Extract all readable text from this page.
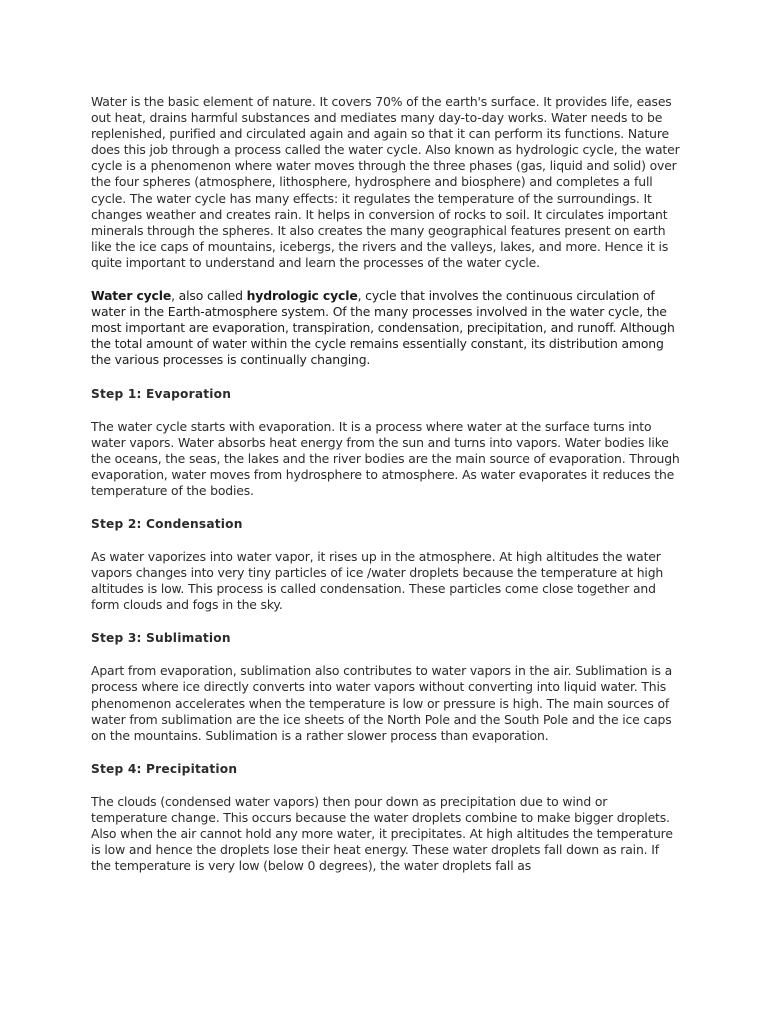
Water is the basic element of nature. It covers 70% of the earth's surface. It provides life, eases out heat, drains harmful substances and mediates many day-to-day works. Water needs to be replenished, purified and circulated again and again so that it can perform its functions. Nature does this job through a process called the water cycle. Also known as hydrologic cycle, the water cycle is a phenomenon where water moves through the three phases (gas, liquid and solid) over the four spheres (atmosphere, lithosphere, hydrosphere and biosphere) and completes a full cycle. The water cycle has many effects: it regulates the temperature of the surroundings. It changes weather and creates rain. It helps in conversion of rocks to soil. It circulates important minerals through the spheres. It also creates the many geographical features present on earth like the ice caps of mountains, icebergs, the rivers and the valleys, lakes, and more. Hence it is quite important to understand and learn the processes of the water cycle.

Water cycle, also called hydrologic cycle, cycle that involves the continuous circulation of water in the Earth-atmosphere system. Of the many processes involved in the water cycle, the most important are evaporation, transpiration, condensation, precipitation, and runoff. Although the total amount of water within the cycle remains essentially constant, its distribution among the various processes is continually changing.

Step 1: Evaporation

The water cycle starts with evaporation. It is a process where water at the surface turns into water vapors. Water absorbs heat energy from the sun and turns into vapors. Water bodies like the oceans, the seas, the lakes and the river bodies are the main source of evaporation. Through evaporation, water moves from hydrosphere to atmosphere. As water evaporates it reduces the temperature of the bodies.

Step 2: Condensation

As water vaporizes into water vapor, it rises up in the atmosphere. At high altitudes the water vapors changes into very tiny particles of ice /water droplets because the temperature at high altitudes is low. This process is called condensation. These particles come close together and form clouds and fogs in the sky.

Step 3: Sublimation

Apart from evaporation, sublimation also contributes to water vapors in the air. Sublimation is a process where ice directly converts into water vapors without converting into liquid water. This phenomenon accelerates when the temperature is low or pressure is high. The main sources of water from sublimation are the ice sheets of the North Pole and the South Pole and the ice caps on the mountains. Sublimation is a rather slower process than evaporation.

Step 4: Precipitation

The clouds (condensed water vapors) then pour down as precipitation due to wind or temperature change. This occurs because the water droplets combine to make bigger droplets. Also when the air cannot hold any more water, it precipitates. At high altitudes the temperature is low and hence the droplets lose their heat energy. These water droplets fall down as rain. If the temperature is very low (below 0 degrees), the water droplets fall as
